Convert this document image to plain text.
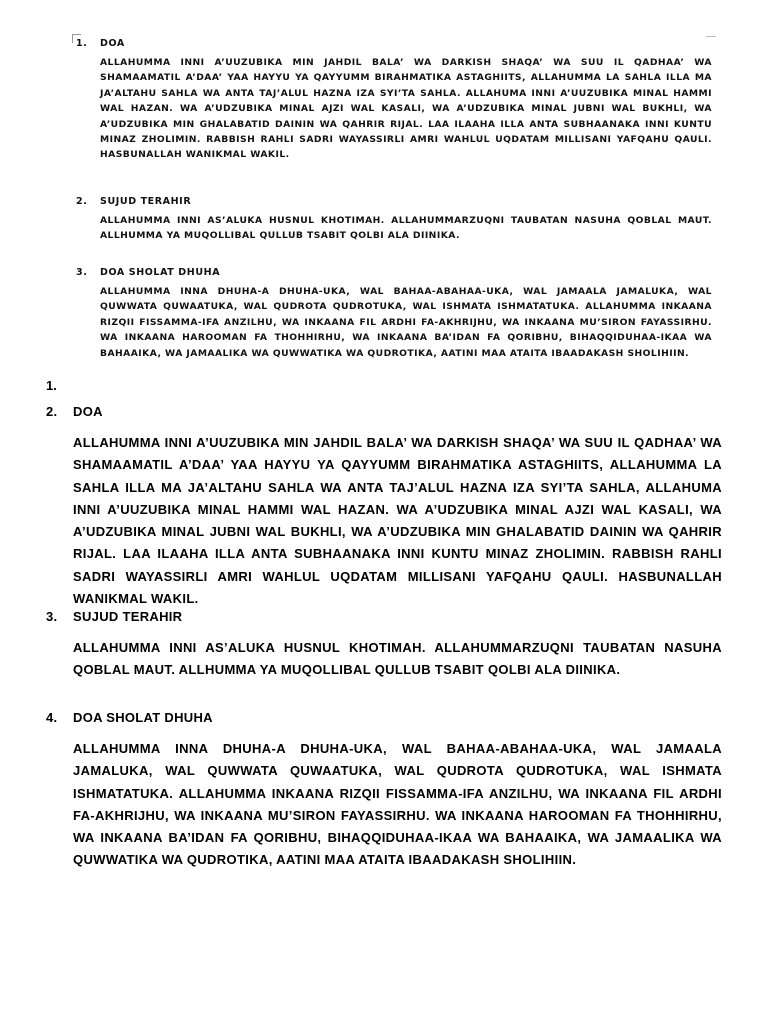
1. DOA
ALLAHUMMA INNI A’UUZUBIKA MIN JAHDIL BALA’ WA DARKISH SHAQA’ WA SUU IL QADHAA’ WA SHAMAAMATIL A’DAA’ YAA HAYYU YA QAYYUMM BIRAHMATIKA ASTAGHIITS, ALLAHUMMA LA SAHLA ILLA MA JA’ALTAHU SAHLA WA ANTA TAJ’ALUL HAZNA IZA SYI’TA SAHLA. ALLAHUMA INNI A’UUZUBIKA MINAL HAMMI WAL HAZAN. WA A’UDZUBIKA MINAL AJZI WAL KASALI, WA A’UDZUBIKA MINAL JUBNI WAL BUKHLI, WA A’UDZUBIKA MIN GHALABATID DAININ WA QAHRIR RIJAL. LAA ILAAHA ILLA ANTA SUBHAANAKA INNI KUNTU MINAZ ZHOLIMIN. RABBISH RAHLI SADRI WAYASSIRLI AMRI WAHLUL UQDATAM MILLISANI YAFQAHU QAULI. HASBUNALLAH WANIKMAL WAKIL.
2. SUJUD TERAHIR
ALLAHUMMA INNI AS’ALUKA HUSNUL KHOTIMAH. ALLAHUMMARZUQNI TAUBATAN NASUHA QOBLAL MAUT. ALLHUMMA YA MUQOLLIBAL QULLUB TSABIT QOLBI ALA DIINIKA.
3. DOA SHOLAT DHUHA
ALLAHUMMA INNA DHUHA-A DHUHA-UKA, WAL BAHAA-ABAHAA-UKA, WAL JAMAALA JAMALUKA, WAL QUWWATA QUWAATUKA, WAL QUDROTA QUDROTUKA, WAL ISHMATA ISHMATATUKA. ALLAHUMMA INKAANA RIZQII FISSAMMA-IFA ANZILHU, WA INKAANA FIL ARDHI FA-AKHRIJHU, WA INKAANA MU’SIRON FAYASSIRHU. WA INKAANA HAROOMAN FA THOHHIRHU, WA INKAANA BA’IDAN FA QORIBHU, BIHAQQIDUHAA-IKAA WA BAHAAIKA, WA JAMAALIKA WA QUWWATIKA WA QUDROTIKA, AATINI MAA ATAITA IBAADAKASH SHOLIHIIN.
1.
2. DOA
ALLAHUMMA INNI A’UUZUBIKA MIN JAHDIL BALA’ WA DARKISH SHAQA’ WA SUU IL QADHAA’ WA SHAMAAMATIL A’DAA’ YAA HAYYU YA QAYYUMM BIRAHMATIKA ASTAGHIITS, ALLAHUMMA LA SAHLA ILLA MA JA’ALTAHU SAHLA WA ANTA TAJ’ALUL HAZNA IZA SYI’TA SAHLA, ALLAHUMA INNI A’UUZUBIKA MINAL HAMMI WAL HAZAN. WA A’UDZUBIKA MINAL AJZI WAL KASALI, WA A’UDZUBIKA MINAL JUBNI WAL BUKHLI, WA A’UDZUBIKA MIN GHALABATID DAININ WA QAHRIR RIJAL. LAA ILAAHA ILLA ANTA SUBHAANAKA INNI KUNTU MINAZ ZHOLIMIN. RABBISH RAHLI SADRI WAYASSIRLI AMRI WAHLUL UQDATAM MILLISANI YAFQAHU QAULI. HASBUNALLAH WANIKMAL WAKIL.
3. SUJUD TERAHIR
ALLAHUMMA INNI AS’ALUKA HUSNUL KHOTIMAH. ALLAHUMMARZUQNI TAUBATAN NASUHA QOBLAL MAUT. ALLHUMMA YA MUQOLLIBAL QULLUB TSABIT QOLBI ALA DIINIKA.
4. DOA SHOLAT DHUHA
ALLAHUMMA INNA DHUHA-A DHUHA-UKA, WAL BAHAA-ABAHAA-UKA, WAL JAMAALA JAMALUKA, WAL QUWWATA QUWAATUKA, WAL QUDROTA QUDROTUKA, WAL ISHMATA ISHMATATUKA. ALLAHUMMA INKAANA RIZQII FISSAMMA-IFA ANZILHU, WA INKAANA FIL ARDHI FA-AKHRIJHU, WA INKAANA MU’SIRON FAYASSIRHU. WA INKAANA HAROOMAN FA THOHHIRHU, WA INKAANA BA’IDAN FA QORIBHU, BIHAQQIDUHAA-IKAA WA BAHAAIKA, WA JAMAALIKA WA QUWWATIKA WA QUDROTIKA, AATINI MAA ATAITA IBAADAKASH SHOLIHIIN.
